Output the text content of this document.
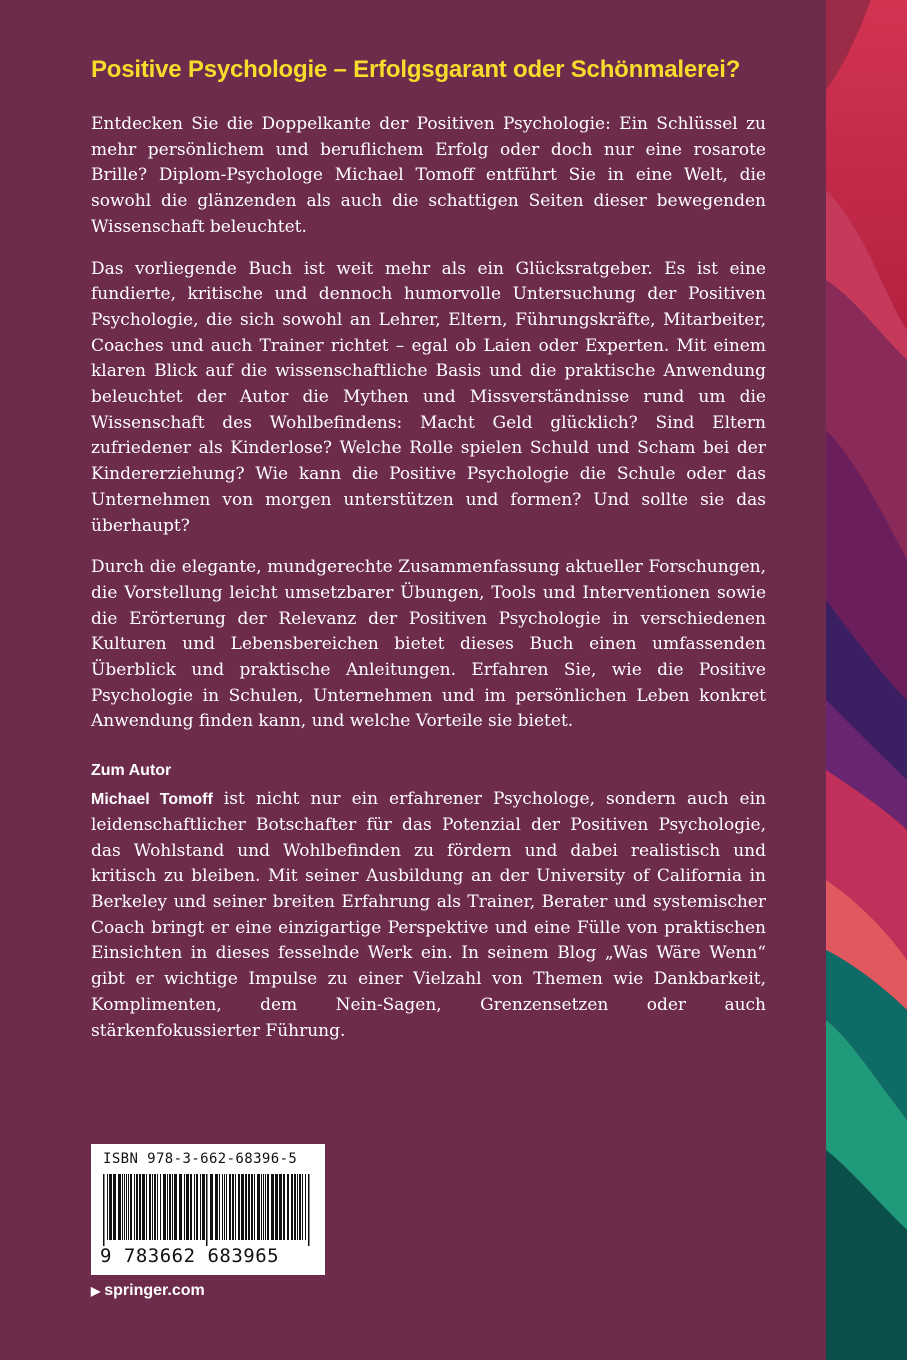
Positive Psychologie – Erfolgsgarant oder Schönmalerei?

Entdecken Sie die Doppelkante der Positiven Psychologie: Ein Schlüssel zu mehr persönlichem und beruflichem Erfolg oder doch nur eine rosarote Brille? Diplom-Psychologe Michael Tomoff entführt Sie in eine Welt, die sowohl die glänzenden als auch die schattigen Seiten dieser bewegenden Wissenschaft beleuchtet.

Das vorliegende Buch ist weit mehr als ein Glücksratgeber. Es ist eine fundierte, kritische und dennoch humorvolle Untersuchung der Positiven Psychologie, die sich sowohl an Lehrer, Eltern, Führungskräfte, Mitarbeiter, Coaches und auch Trainer richtet – egal ob Laien oder Experten. Mit einem klaren Blick auf die wissenschaftliche Basis und die praktische Anwendung beleuchtet der Autor die Mythen und Missverständnisse rund um die Wissenschaft des Wohlbefindens: Macht Geld glücklich? Sind Eltern zufriedener als Kinderlose? Welche Rolle spielen Schuld und Scham bei der Kindererziehung? Wie kann die Positive Psychologie die Schule oder das Unternehmen von morgen unterstützen und formen? Und sollte sie das überhaupt?

Durch die elegante, mundgerechte Zusammenfassung aktueller Forschungen, die Vorstellung leicht umsetzbarer Übungen, Tools und Interventionen sowie die Erörterung der Relevanz der Positiven Psychologie in verschiedenen Kulturen und Lebensbereichen bietet dieses Buch einen umfassenden Überblick und praktische Anleitungen. Erfahren Sie, wie die Positive Psychologie in Schulen, Unternehmen und im persönlichen Leben konkret Anwendung finden kann, und welche Vorteile sie bietet.

Zum Autor

Michael Tomoff ist nicht nur ein erfahrener Psychologe, sondern auch ein leidenschaftlicher Botschafter für das Potenzial der Positiven Psychologie, das Wohlstand und Wohlbefinden zu fördern und dabei realistisch und kritisch zu bleiben. Mit seiner Ausbildung an der University of California in Berkeley und seiner breiten Erfahrung als Trainer, Berater und systemischer Coach bringt er eine einzigartige Perspektive und eine Fülle von praktischen Einsichten in dieses fesselnde Werk ein. In seinem Blog „Was Wäre Wenn“ gibt er wichtige Impulse zu einer Vielzahl von Themen wie Dankbarkeit, Komplimenten, dem Nein-Sagen, Grenzensetzen oder auch stärkenfokussierter Führung.

ISBN 978-3-662-68396-5
9 783662 683965
▶ springer.com
